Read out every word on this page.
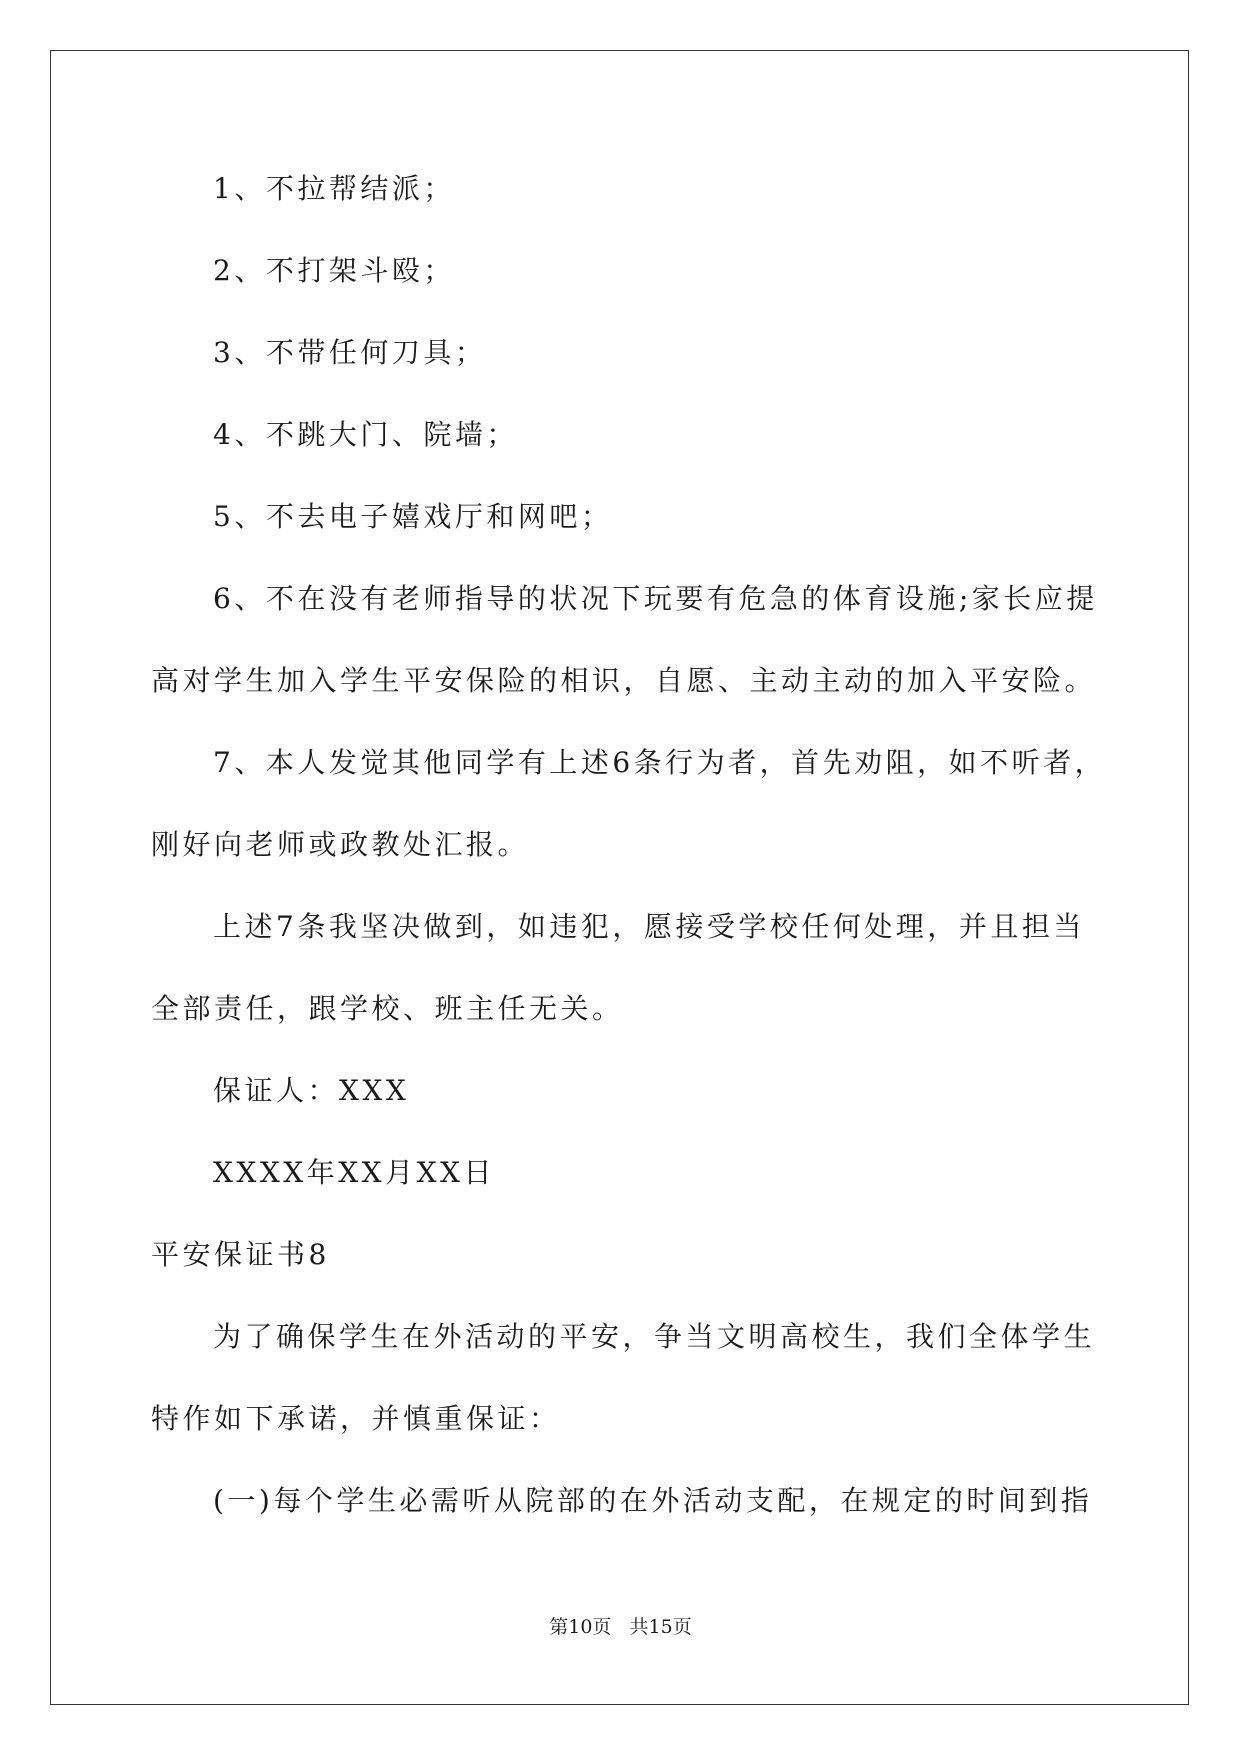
1、不拉帮结派；
2、不打架斗殴；
3、不带任何刀具；
4、不跳大门、院墙；
5、不去电子嬉戏厅和网吧；
6、不在没有老师指导的状况下玩要有危急的体育设施;家长应提
高对学生加入学生平安保险的相识，自愿、主动主动的加入平安险。
7、本人发觉其他同学有上述6条行为者，首先劝阻，如不听者，
刚好向老师或政教处汇报。
上述7条我坚决做到，如违犯，愿接受学校任何处理，并且担当
全部责任，跟学校、班主任无关。
保证人：XXX
XXXX年XX月XX日
平安保证书8
为了确保学生在外活动的平安，争当文明高校生，我们全体学生
特作如下承诺，并慎重保证：
(一)每个学生必需听从院部的在外活动支配，在规定的时间到指
第10页   共15页
